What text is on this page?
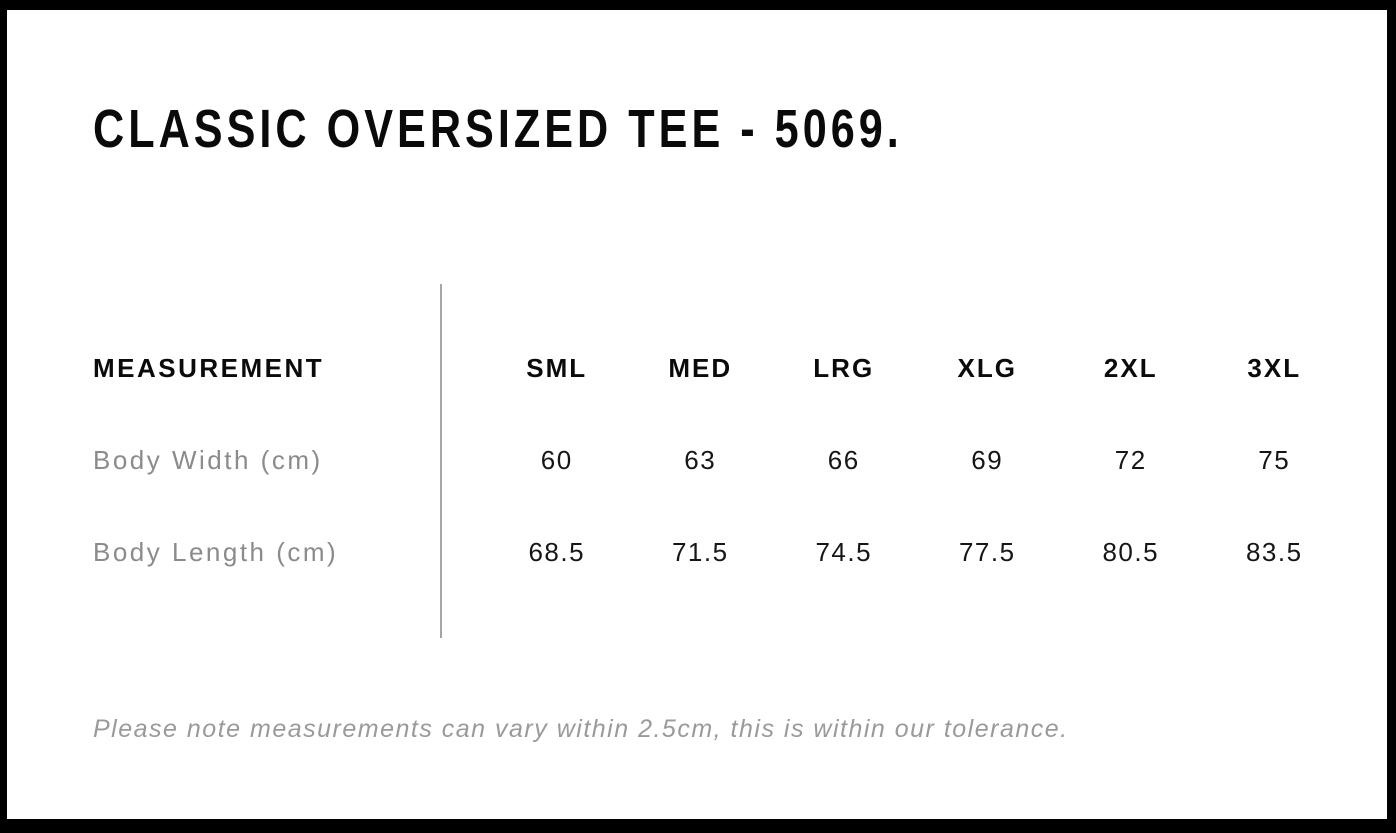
CLASSIC OVERSIZED TEE - 5069.
MEASUREMENT	SML	MED	LRG	XLG	2XL	3XL
Body Width (cm)	60	63	66	69	72	75
Body Length (cm)	68.5	71.5	74.5	77.5	80.5	83.5

Please note measurements can vary within 2.5cm, this is within our tolerance.
